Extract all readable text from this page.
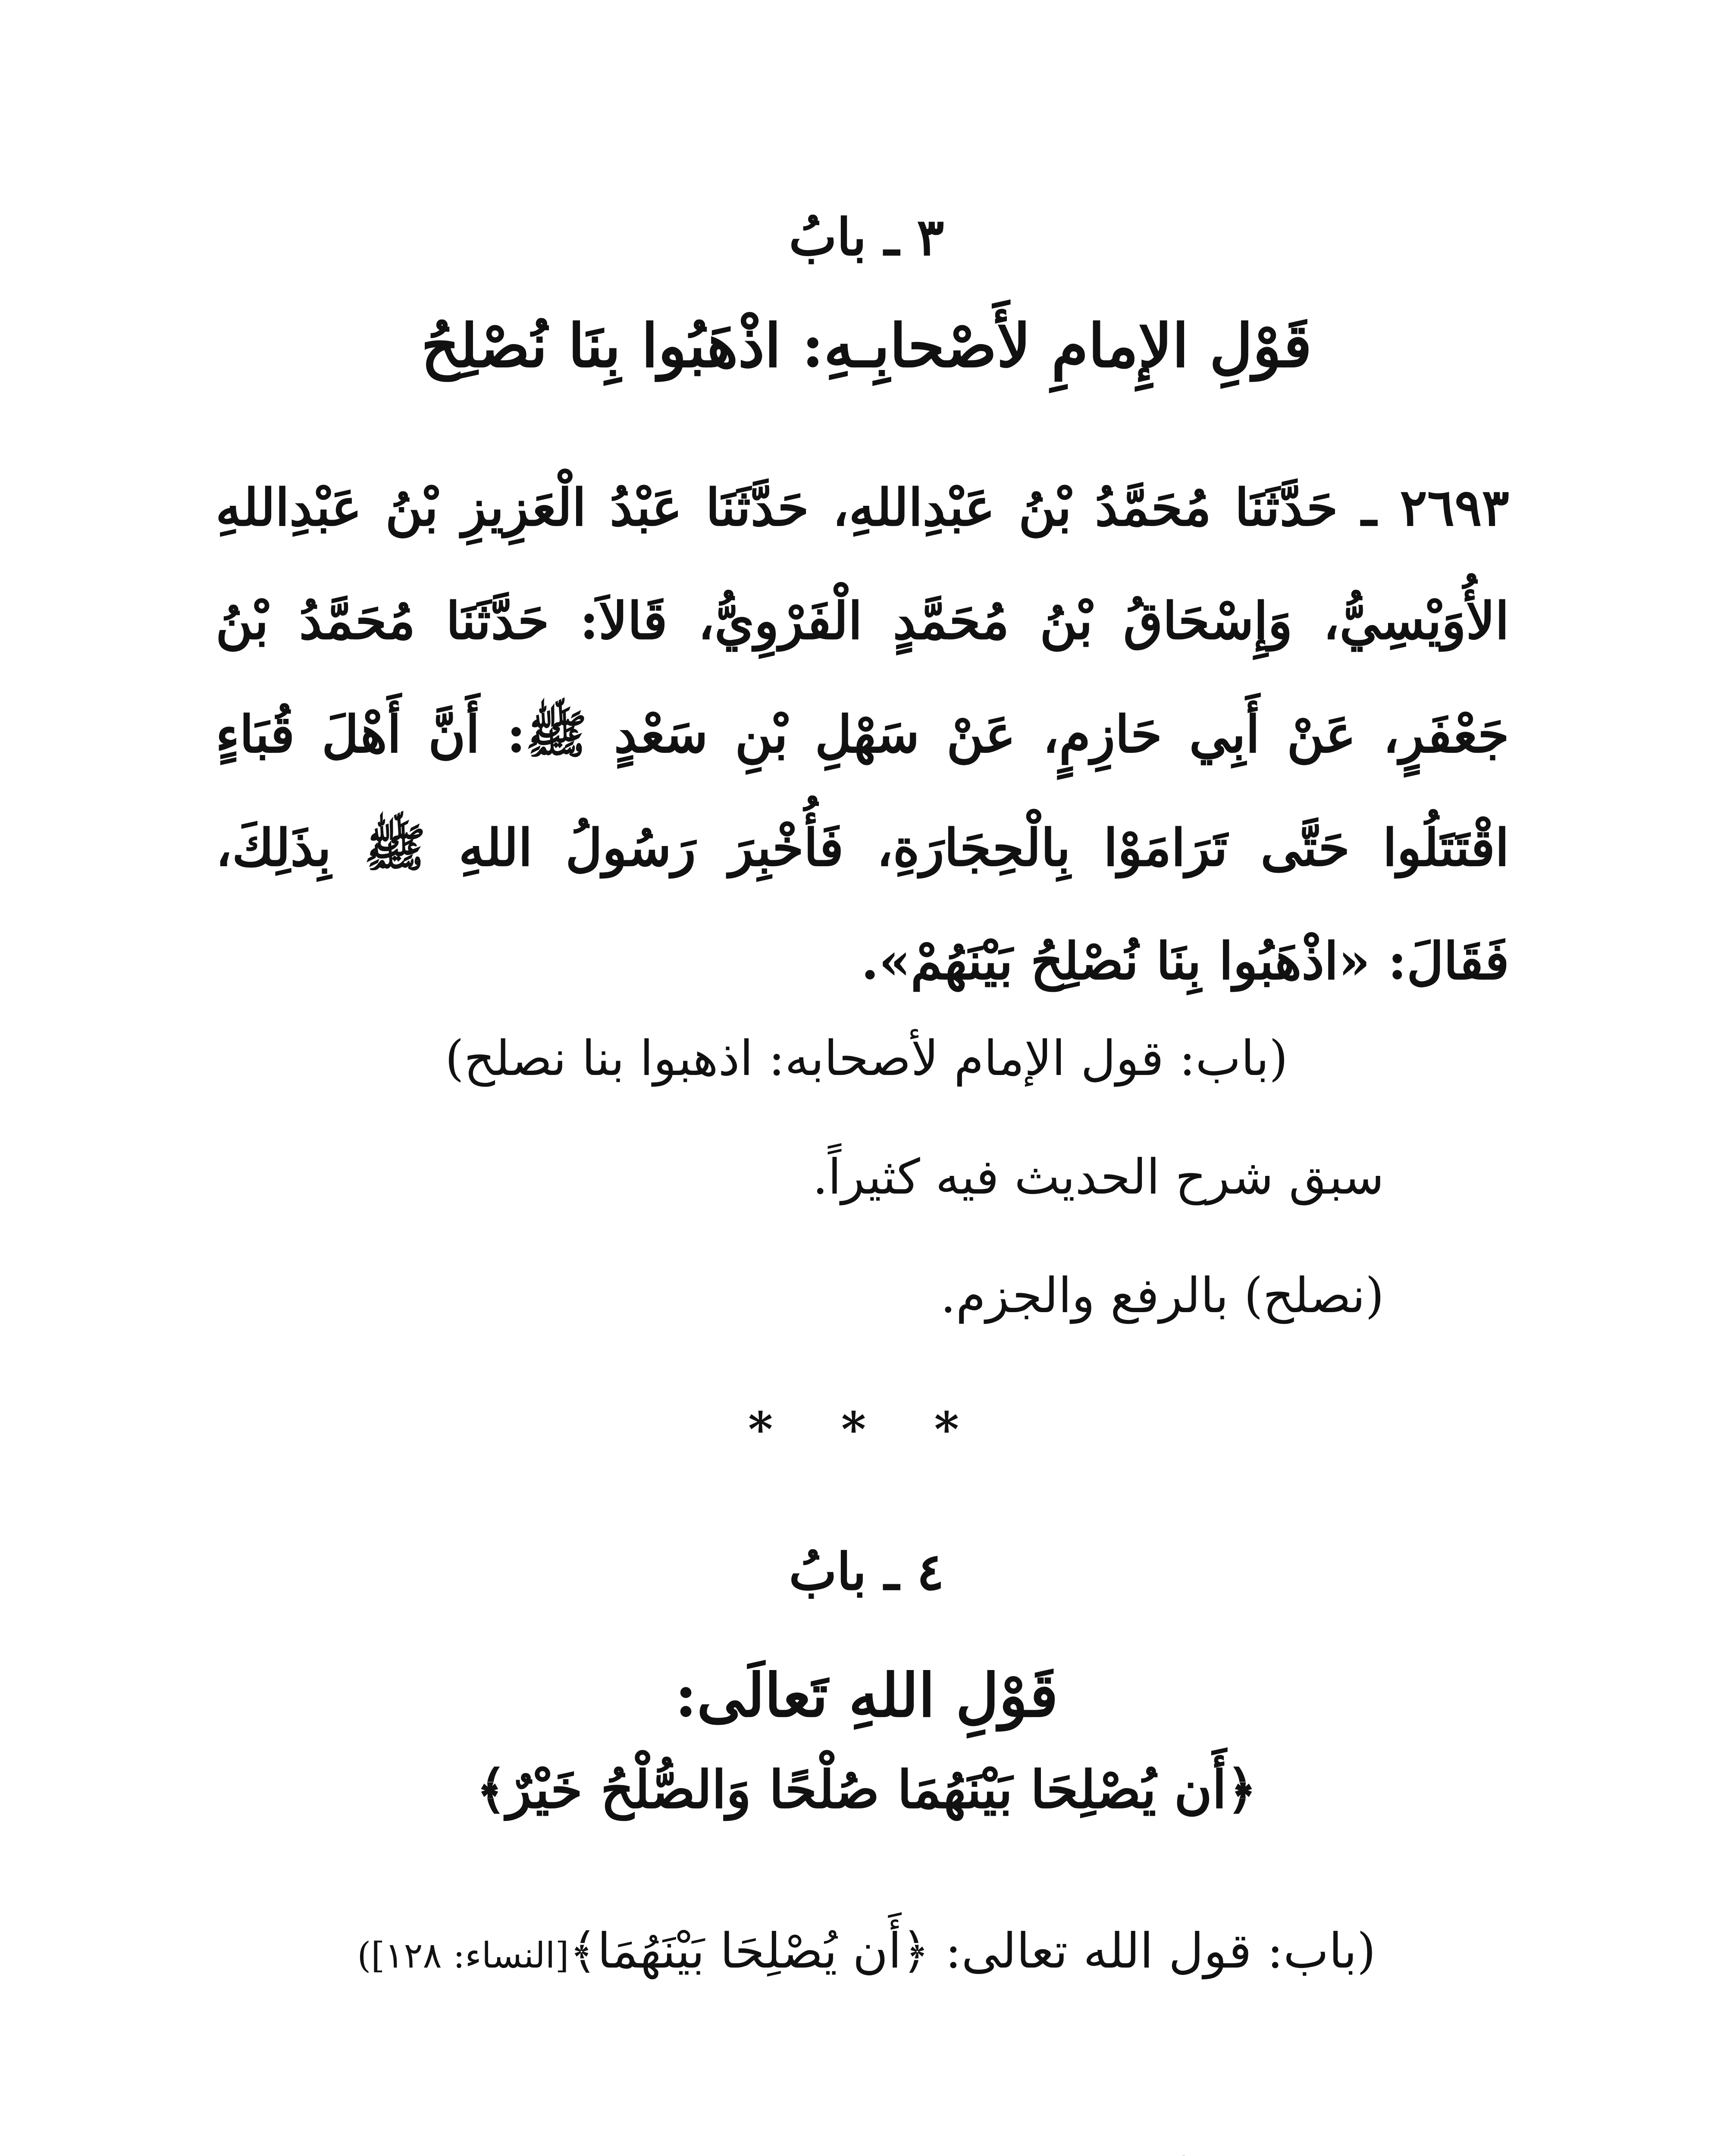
٣ ـ بابُ
قَوْلِ الإِمامِ لأَصْحابِـهِ: اذْهَبُوا بِنَا نُصْلِحُ
٢٦٩٣ ـ حَدَّثَنَا مُحَمَّدُ بْنُ عَبْدِاللهِ، حَدَّثَنَا عَبْدُ الْعَزِيزِ بْنُ عَبْدِاللهِ الأُوَيْسِيُّ، وَإِسْحَاقُ بْنُ مُحَمَّدٍ الْفَرْوِيُّ، قَالاَ: حَدَّثَنَا مُحَمَّدُ بْنُ جَعْفَرٍ، عَنْ أَبِي حَازِمٍ، عَنْ سَهْلِ بْنِ سَعْدٍ ﷺ: أَنَّ أَهْلَ قُبَاءٍ اقْتَتَلُوا حَتَّى تَرَامَوْا بِالْحِجَارَةِ، فَأُخْبِرَ رَسُولُ اللهِ ﷺ بِذَلِكَ، فَقَالَ: «اذْهَبُوا بِنَا نُصْلِحُ بَيْنَهُمْ».
(باب: قول الإمام لأصحابه: اذهبوا بنا نصلح)
سبق شرح الحديث فيه كثيراً.
(نصلح) بالرفع والجزم.
* * *
٤ ـ بابُ
قَوْلِ اللهِ تَعالَى:
﴿أَن يُصْلِحَا بَيْنَهُمَا صُلْحًا وَالصُّلْحُ خَيْرٌ﴾
(باب: قول الله تعالى: ﴿أَن يُصْلِحَا بَيْنَهُمَا﴾[النساء: ١٢٨])
